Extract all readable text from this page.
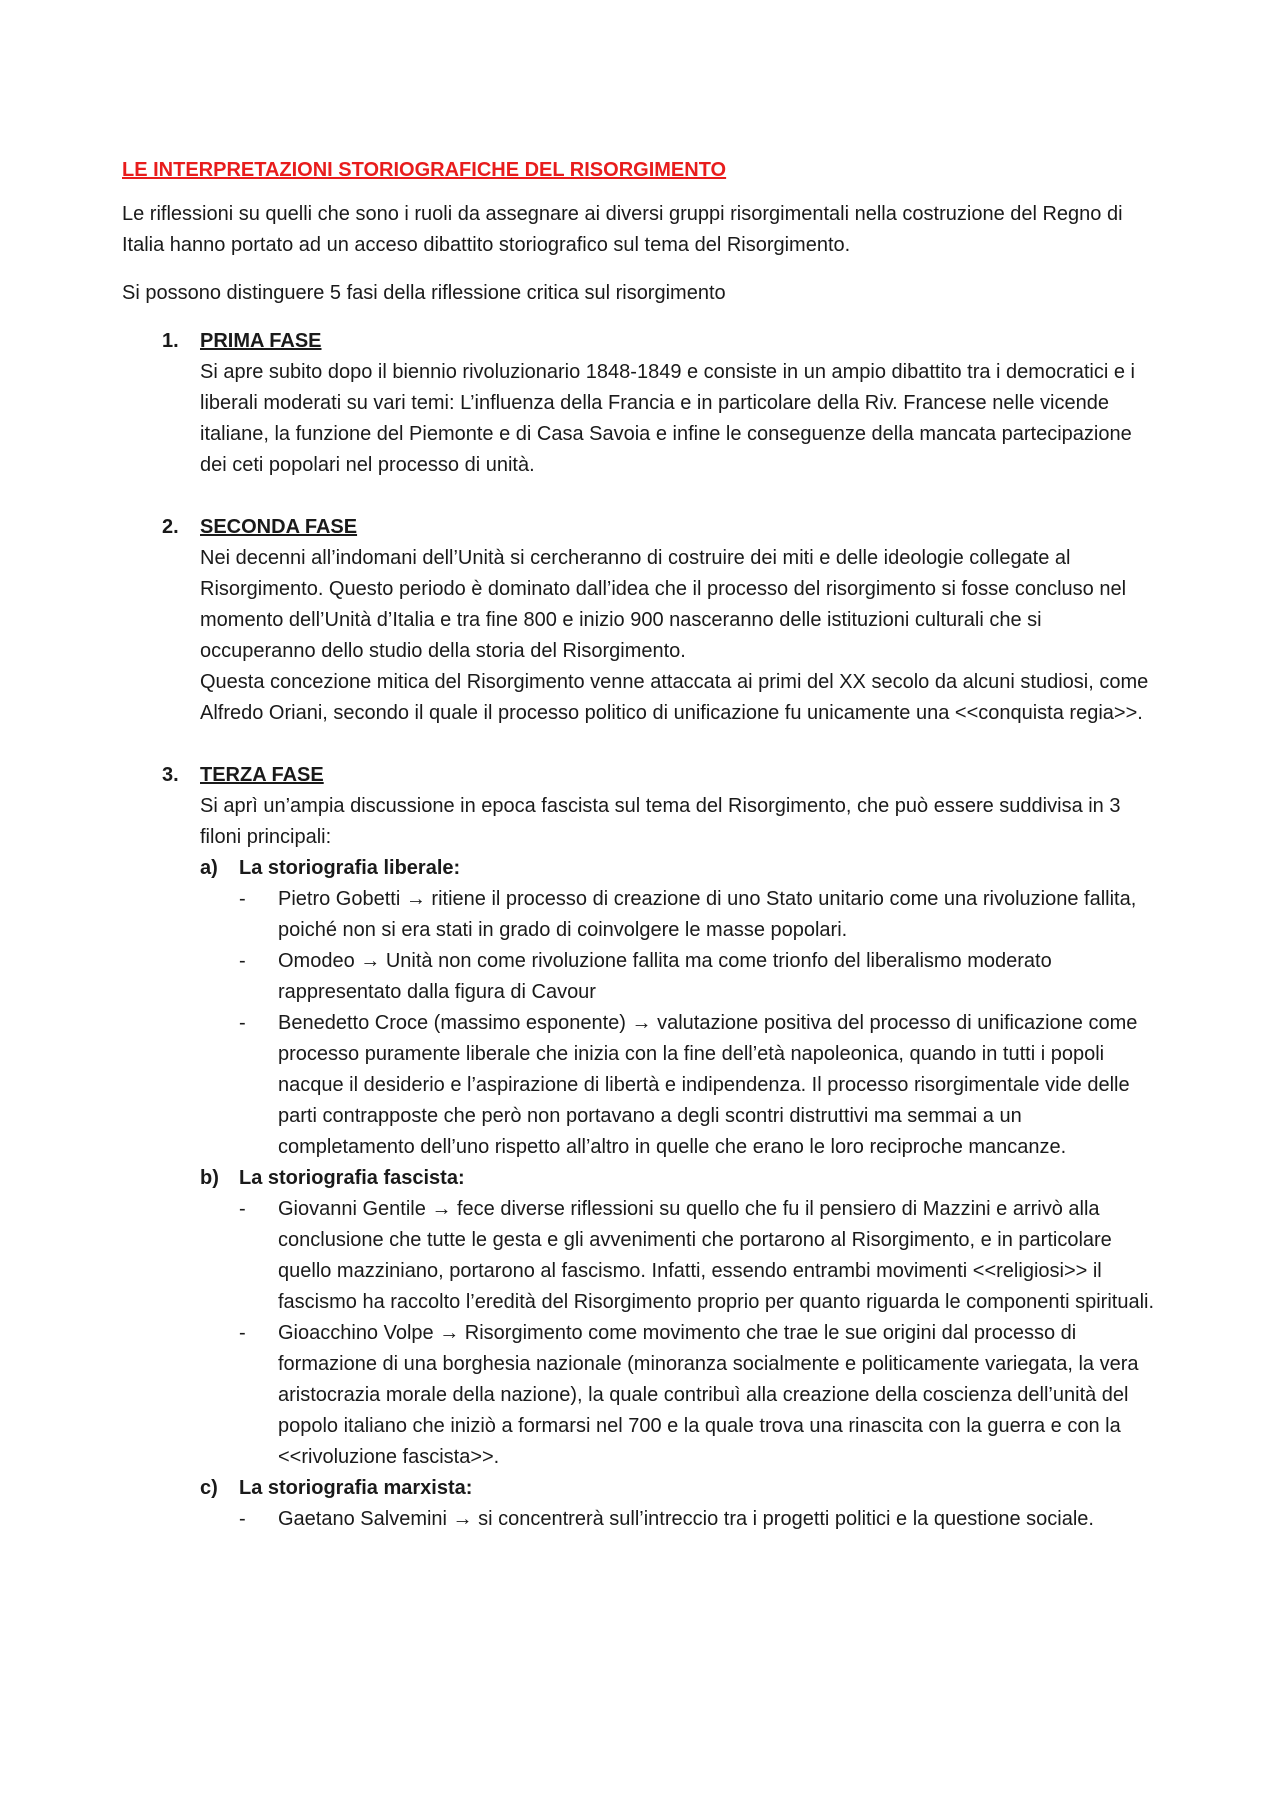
LE INTERPRETAZIONI STORIOGRAFICHE DEL RISORGIMENTO

Le riflessioni su quelli che sono i ruoli da assegnare ai diversi gruppi risorgimentali nella costruzione del Regno di Italia hanno portato ad un acceso dibattito storiografico sul tema del Risorgimento.

Si possono distinguere 5 fasi della riflessione critica sul risorgimento

1. PRIMA FASE
Si apre subito dopo il biennio rivoluzionario 1848-1849 e consiste in un ampio dibattito tra i democratici e i liberali moderati su vari temi: L’influenza della Francia e in particolare della Riv. Francese nelle vicende italiane, la funzione del Piemonte e di Casa Savoia e infine le conseguenze della mancata partecipazione dei ceti popolari nel processo di unità.
2. SECONDA FASE
Nei decenni all’indomani dell’Unità si cercheranno di costruire dei miti e delle ideologie collegate al Risorgimento. Questo periodo è dominato dall’idea che il processo del risorgimento si fosse concluso nel momento dell’Unità d’Italia e tra fine 800 e inizio 900 nasceranno delle istituzioni culturali che si occuperanno dello studio della storia del Risorgimento.
Questa concezione mitica del Risorgimento venne attaccata ai primi del XX secolo da alcuni studiosi, come Alfredo Oriani, secondo il quale il processo politico di unificazione fu unicamente una <<conquista regia>>.
3. TERZA FASE
Si aprì un’ampia discussione in epoca fascista sul tema del Risorgimento, che può essere suddivisa in 3 filoni principali:
a) La storiografia liberale:
- Pietro Gobetti → ritiene il processo di creazione di uno Stato unitario come una rivoluzione fallita, poiché non si era stati in grado di coinvolgere le masse popolari.
- Omodeo → Unità non come rivoluzione fallita ma come trionfo del liberalismo moderato rappresentato dalla figura di Cavour
- Benedetto Croce (massimo esponente) → valutazione positiva del processo di unificazione come processo puramente liberale che inizia con la fine dell’età napoleonica, quando in tutti i popoli nacque il desiderio e l’aspirazione di libertà e indipendenza. Il processo risorgimentale vide delle parti contrapposte che però non portavano a degli scontri distruttivi ma semmai a un completamento dell’uno rispetto all’altro in quelle che erano le loro reciproche mancanze.
b) La storiografia fascista:
- Giovanni Gentile → fece diverse riflessioni su quello che fu il pensiero di Mazzini e arrivò alla conclusione che tutte le gesta e gli avvenimenti che portarono al Risorgimento, e in particolare quello mazziniano, portarono al fascismo. Infatti, essendo entrambi movimenti <<religiosi>> il fascismo ha raccolto l’eredità del Risorgimento proprio per quanto riguarda le componenti spirituali.
- Gioacchino Volpe → Risorgimento come movimento che trae le sue origini dal processo di formazione di una borghesia nazionale (minoranza socialmente e politicamente variegata, la vera aristocrazia morale della nazione), la quale contribuì alla creazione della coscienza dell’unità del popolo italiano che iniziò a formarsi nel 700 e la quale trova una rinascita con la guerra e con la <<rivoluzione fascista>>.
c) La storiografia marxista:
- Gaetano Salvemini → si concentrerà sull’intreccio tra i progetti politici e la questione sociale.
